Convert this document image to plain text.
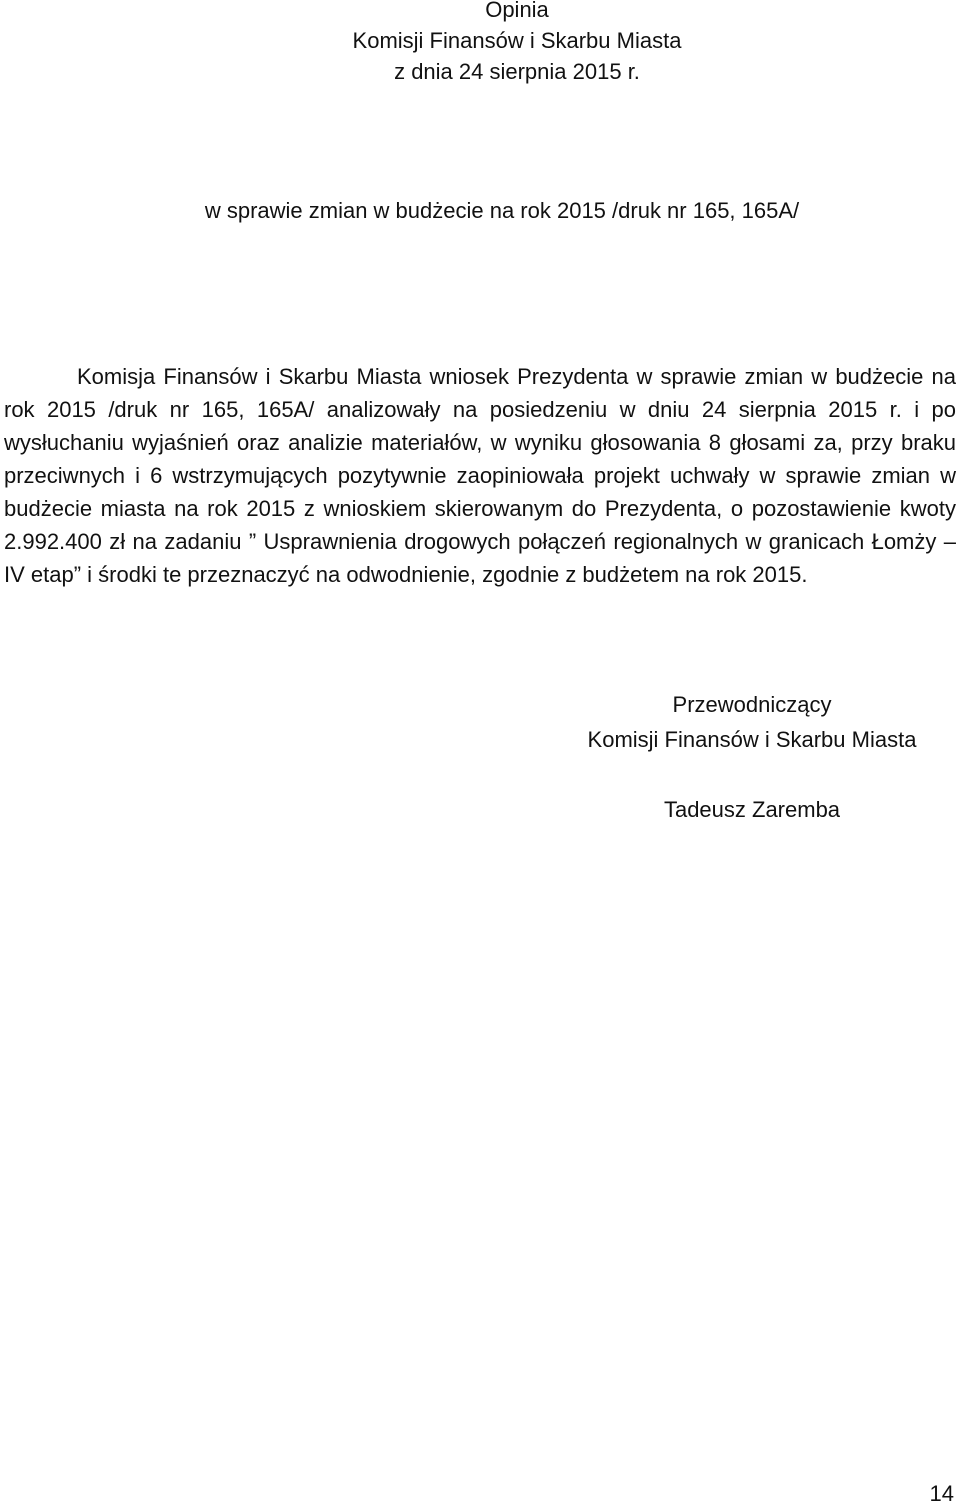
Opinia
Komisji Finansów i Skarbu Miasta
z dnia 24 sierpnia 2015 r.
w sprawie zmian w budżecie na rok 2015 /druk nr 165, 165A/

Komisja Finansów i Skarbu Miasta wniosek Prezydenta w sprawie zmian w budżecie na rok 2015 /druk nr 165, 165A/ analizowały na posiedzeniu w dniu 24 sierpnia 2015 r. i po wysłuchaniu wyjaśnień oraz analizie materiałów, w wyniku głosowania 8 głosami za, przy braku przeciwnych i 6 wstrzymujących pozytywnie zaopiniowała projekt uchwały w sprawie zmian w budżecie miasta na rok 2015 z wnioskiem skierowanym do Prezydenta, o pozostawienie kwoty 2.992.400 zł na zadaniu ” Usprawnienia drogowych połączeń regionalnych w granicach Łomży – IV etap” i środki te przeznaczyć na odwodnienie, zgodnie z budżetem na rok 2015.

Przewodniczący
Komisji Finansów i Skarbu Miasta

Tadeusz Zaremba
14
